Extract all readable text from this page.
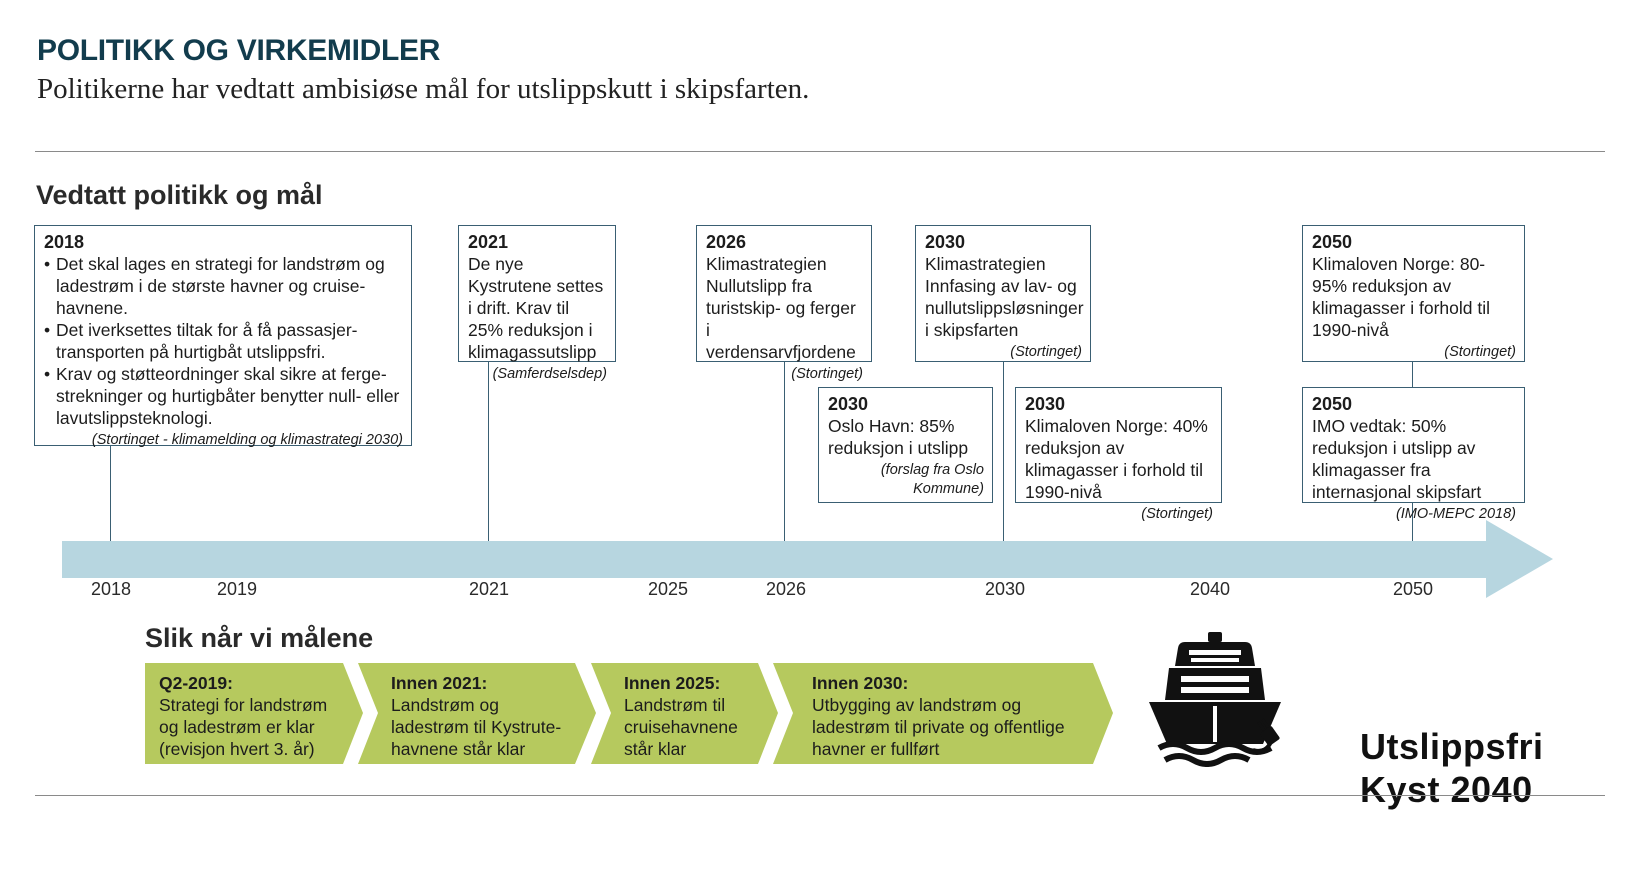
POLITIKK OG VIRKEMIDLER
Politikerne har vedtatt ambisiøse mål for utslippskutt i skipsfarten.
Vedtatt politikk og mål
2018	2019	2021	2025	2026	2030	2040	2050
2018
• Det skal lages en strategi for landstrøm og ladestrøm i de største havner og cruise-havnene.
• Det iverksettes tiltak for å få passasjer-transporten på hurtigbåt utslippsfri.
• Krav og støtteordninger skal sikre at ferge-strekninger og hurtigbåter benytter null- eller lavutslippsteknologi.
(Stortinget - klimamelding og klimastrategi 2030)
2021
De nye Kystrutene settes i drift. Krav til 25% reduksjon i klimagassutslipp
(Samferdselsdep)
2026
Klimastrategien Nullutslipp fra turistskip- og ferger i verdensarvfjordene
(Stortinget)
2030
Klimastrategien Innfasing av lav- og nullutslippsløsninger i skipsfarten
(Stortinget)
2050
Klimaloven Norge: 80-95% reduksjon av klimagasser i forhold til 1990-nivå
(Stortinget)
2030
Oslo Havn: 85% reduksjon i utslipp
(forslag fra Oslo Kommune)
2030
Klimaloven Norge: 40% reduksjon av klimagasser i forhold til 1990-nivå
(Stortinget)
2050
IMO vedtak: 50% reduksjon i utslipp av klimagasser fra internasjonal skipsfart
(IMO-MEPC 2018)
Slik når vi målene
Q2-2019:
Strategi for landstrøm og ladestrøm er klar (revisjon hvert 3. år)
Innen 2021:
Landstrøm og ladestrøm til Kystrute-havnene står klar
Innen 2025:
Landstrøm til cruisehavnene står klar
Innen 2030:
Utbygging av landstrøm og ladestrøm til private og offentlige havner er fullført	Utslippsfri
Kyst 2040
